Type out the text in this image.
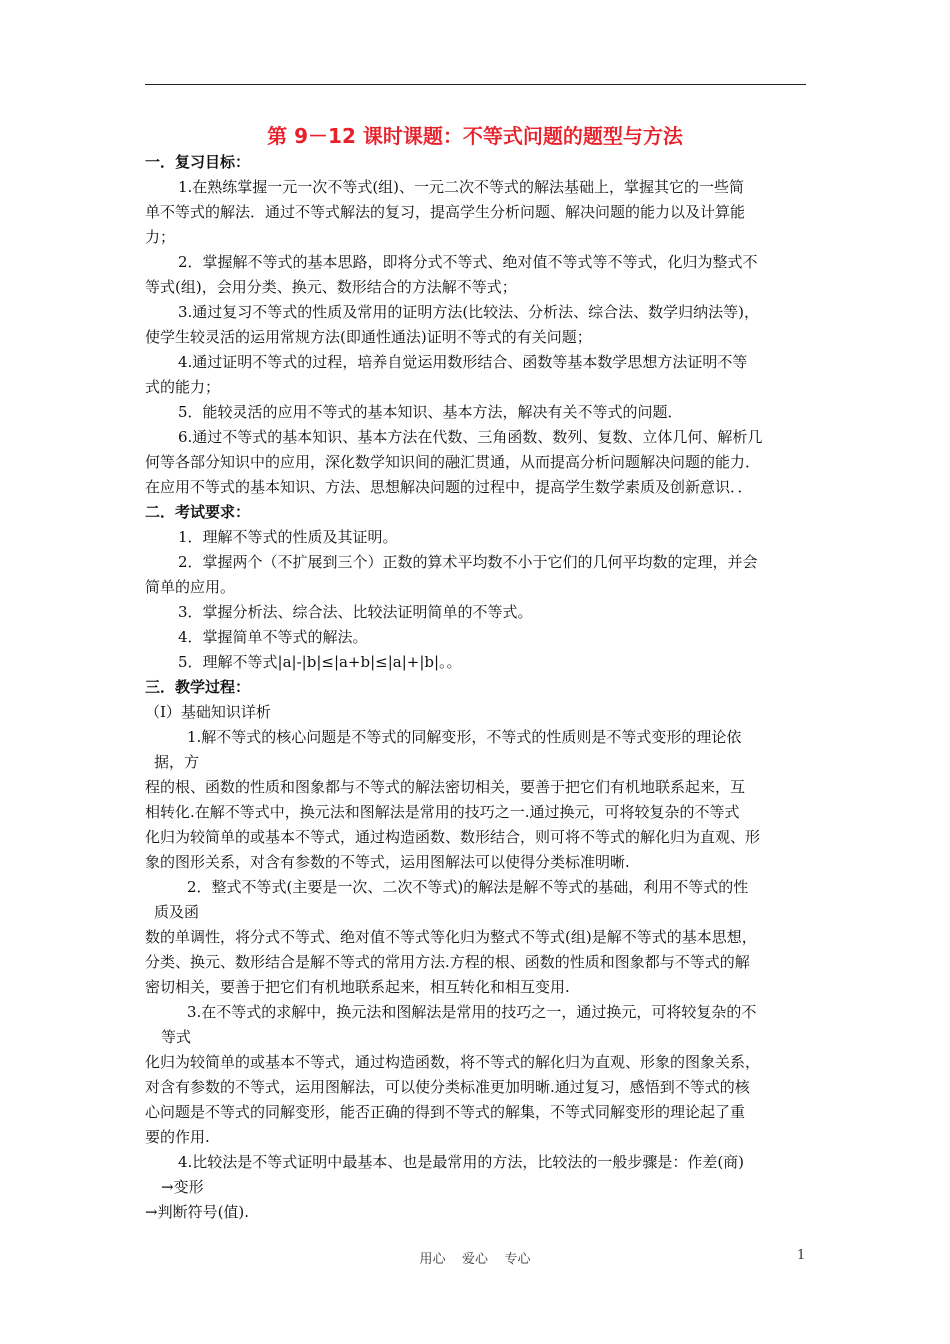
第 9－12 课时课题：不等式问题的题型与方法
一．复习目标：
1.在熟练掌握一元一次不等式(组)、一元二次不等式的解法基础上，掌握其它的一些简
单不等式的解法．通过不等式解法的复习，提高学生分析问题、解决问题的能力以及计算能
力；
2．掌握解不等式的基本思路，即将分式不等式、绝对值不等式等不等式，化归为整式不
等式(组)，会用分类、换元、数形结合的方法解不等式；
3.通过复习不等式的性质及常用的证明方法(比较法、分析法、综合法、数学归纳法等)，
使学生较灵活的运用常规方法(即通性通法)证明不等式的有关问题；
4.通过证明不等式的过程，培养自觉运用数形结合、函数等基本数学思想方法证明不等
式的能力；
5．能较灵活的应用不等式的基本知识、基本方法，解决有关不等式的问题．
6.通过不等式的基本知识、基本方法在代数、三角函数、数列、复数、立体几何、解析几
何等各部分知识中的应用，深化数学知识间的融汇贯通，从而提高分析问题解决问题的能力．
在应用不等式的基本知识、方法、思想解决问题的过程中，提高学生数学素质及创新意识．．
二．考试要求：
1．理解不等式的性质及其证明。
2．掌握两个（不扩展到三个）正数的算术平均数不小于它们的几何平均数的定理，并会
简单的应用。
3．掌握分析法、综合法、比较法证明简单的不等式。
4．掌握简单不等式的解法。
5．理解不等式|a|-|b|≤|a+b|≤|a|+|b|。。
三．教学过程：
（Ⅰ）基础知识详析
1.解不等式的核心问题是不等式的同解变形，不等式的性质则是不等式变形的理论依
据，方
程的根、函数的性质和图象都与不等式的解法密切相关，要善于把它们有机地联系起来，互
相转化.在解不等式中，换元法和图解法是常用的技巧之一.通过换元，可将较复杂的不等式
化归为较简单的或基本不等式，通过构造函数、数形结合，则可将不等式的解化归为直观、形
象的图形关系，对含有参数的不等式，运用图解法可以使得分类标准明晰.
2．整式不等式(主要是一次、二次不等式)的解法是解不等式的基础，利用不等式的性
质及函
数的单调性，将分式不等式、绝对值不等式等化归为整式不等式(组)是解不等式的基本思想，
分类、换元、数形结合是解不等式的常用方法.方程的根、函数的性质和图象都与不等式的解
密切相关，要善于把它们有机地联系起来，相互转化和相互变用.
3.在不等式的求解中，换元法和图解法是常用的技巧之一，通过换元，可将较复杂的不
等式
化归为较简单的或基本不等式，通过构造函数，将不等式的解化归为直观、形象的图象关系，
对含有参数的不等式，运用图解法，可以使分类标准更加明晰.通过复习，感悟到不等式的核
心问题是不等式的同解变形，能否正确的得到不等式的解集，不等式同解变形的理论起了重
要的作用.
4.比较法是不等式证明中最基本、也是最常用的方法，比较法的一般步骤是：作差(商)
→变形
→判断符号(值).
用心    爱心    专心	1
